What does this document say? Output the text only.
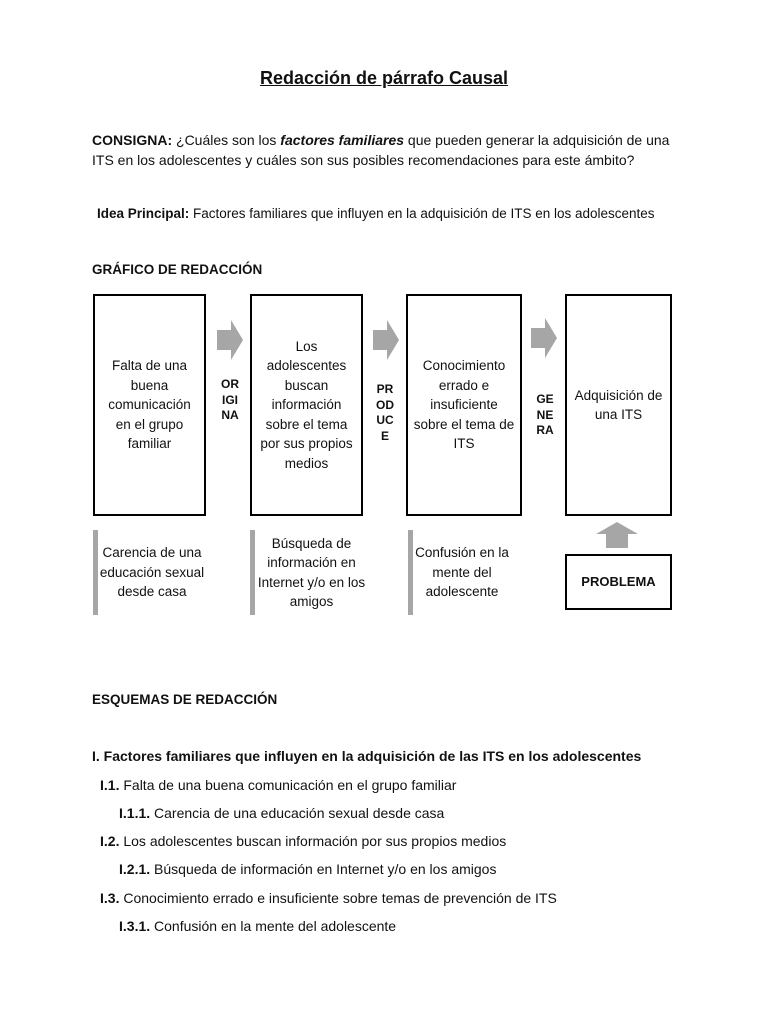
Redacción de párrafo Causal
CONSIGNA: ¿Cuáles son los factores familiares que pueden generar la adquisición de una ITS en los adolescentes y cuáles son sus posibles recomendaciones para este ámbito?
Idea Principal: Factores familiares que influyen en la adquisición de ITS en los adolescentes
GRÁFICO DE REDACCIÓN
Falta de una buena comunicación en el grupo familiar
Los adolescentes buscan información sobre el tema por sus propios medios
Conocimiento errado e insuficiente sobre el tema de ITS
Adquisición de una ITS
ORIGINA
PRODUCE
GENERA
Carencia de una educación sexual desde casa
Búsqueda de información en Internet y/o en los amigos
Confusión en la mente del adolescente
PROBLEMA
ESQUEMAS DE REDACCIÓN
I. Factores familiares que influyen en la adquisición de las ITS en los adolescentes
I.1. Falta de una buena comunicación en el grupo familiar
I.1.1. Carencia de una educación sexual desde casa
I.2. Los adolescentes buscan información por sus propios medios
I.2.1. Búsqueda de información en Internet y/o en los amigos
I.3. Conocimiento errado e insuficiente sobre temas de prevención de ITS
I.3.1. Confusión en la mente del adolescente
